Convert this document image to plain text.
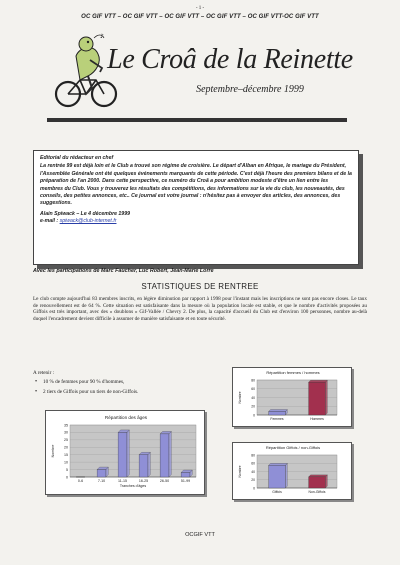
- 1 -
OC GIF VTT – OC GIF VTT – OC GIF VTT – OC GIF VTT – OC GIF VTT-OC GIF VTT
♪
Le Croâ de la Reinette
Septembre–décembre 1999
Editorial du rédacteur en chef
La rentrée 99 est déjà loin et le Club a trouvé son régime de croisière. Le départ d'Alban en Afrique, le mariage du Président, l'Assemblée Générale ont été quelques événements marquants de cette période. C'est déjà l'heure des premiers bilans et de la préparation de l'an 2000. Dans cette perspective, ce numéro du Croâ a pour ambition modeste d'être un lien entre les membres du Club. Vous y trouverez les résultats des compétitions, des informations sur la vie du club, les nouveautés, des conseils, des petites annonces, etc.. Ce journal est votre journal : n'hésitez pas à envoyer des articles, des annonces, des suggestions.
Alain Spiwack – Le 4 décembre 1999
e-mail : spiwack@club-internet.fr
Avec les participations de Marc Faucher, Luc Robert, Jean-Marie Lorre
STATISTIQUES DE RENTREE
Le club compte aujourd'hui 83 membres inscrits, en légère diminution par rapport à 1998 pour l'instant mais les inscriptions ne sont pas encore closes. Le taux de renouvellement est de 64 %. Cette situation est satisfaisante dans la mesure où la population locale est stable, et que le nombre d'activités proposées au Giffois est très important, avec des « doublons » Gif-Vallée / Chevry 2. De plus, la capacité d'accueil du Club est d'environ 100 personnes, nombre au-delà duquel l'encadrement devient difficile à assumer de manière satisfaisante et en toute sécurité.
A retenir :
• 10 % de femmes pour 90 % d'hommes,
• 2 tiers de Giffois pour un tiers de non-Giffois.
Répartition des âges
0
5
10
15
20
25
30
35
Nombre
0-6	7-10	11-15	16-25	26-50	51-99
Tranches d'âges
Répartition femmes / hommes
0
20
40
60
80
Nombre
Femmes	Hommes
Répartition Giffois / non-Giffois
0
20
40
60
80
Nombre
Giffois	Non-Giffois
OCGIF VTT
